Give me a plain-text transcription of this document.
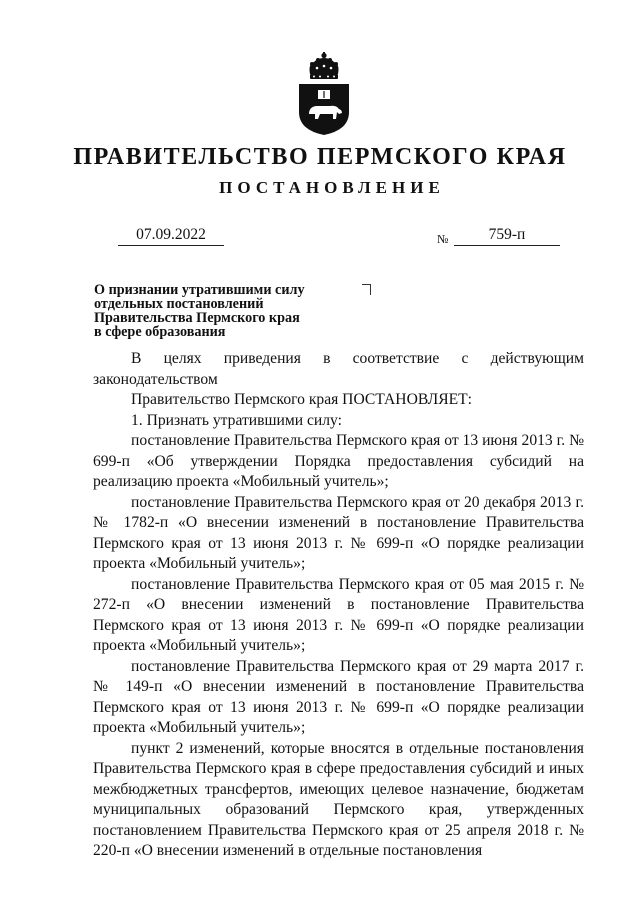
ПРАВИТЕЛЬСТВО ПЕРМСКОГО КРАЯ
ПОСТАНОВЛЕНИЕ
07.09.2022	№	759-п
О признании утратившими силу
отдельных постановлений
Правительства Пермского края
в сфере образования

В целях приведения в соответствие с действующим законодательством

Правительство Пермского края ПОСТАНОВЛЯЕТ:

1. Признать утратившими силу:

постановление Правительства Пермского края от 13 июня 2013 г. № 699-п «Об утверждении Порядка предоставления субсидий на реализацию проекта «Мобильный учитель»;

постановление Правительства Пермского края от 20 декабря 2013 г. № 1782-п «О внесении изменений в постановление Правительства Пермского края от 13 июня 2013 г. № 699-п «О порядке реализации проекта «Мобильный учитель»;

постановление Правительства Пермского края от 05 мая 2015 г. № 272-п «О внесении изменений в постановление Правительства Пермского края от 13 июня 2013 г. № 699-п «О порядке реализации проекта «Мобильный учитель»;

постановление Правительства Пермского края от 29 марта 2017 г. № 149-п «О внесении изменений в постановление Правительства Пермского края от 13 июня 2013 г. № 699-п «О порядке реализации проекта «Мобильный учитель»;

пункт 2 изменений, которые вносятся в отдельные постановления Правительства Пермского края в сфере предоставления субсидий и иных межбюджетных трансфертов, имеющих целевое назначение, бюджетам муниципальных образований Пермского края, утвержденных постановлением Правительства Пермского края от 25 апреля 2018 г. № 220-п «О внесении изменений в отдельные постановления
